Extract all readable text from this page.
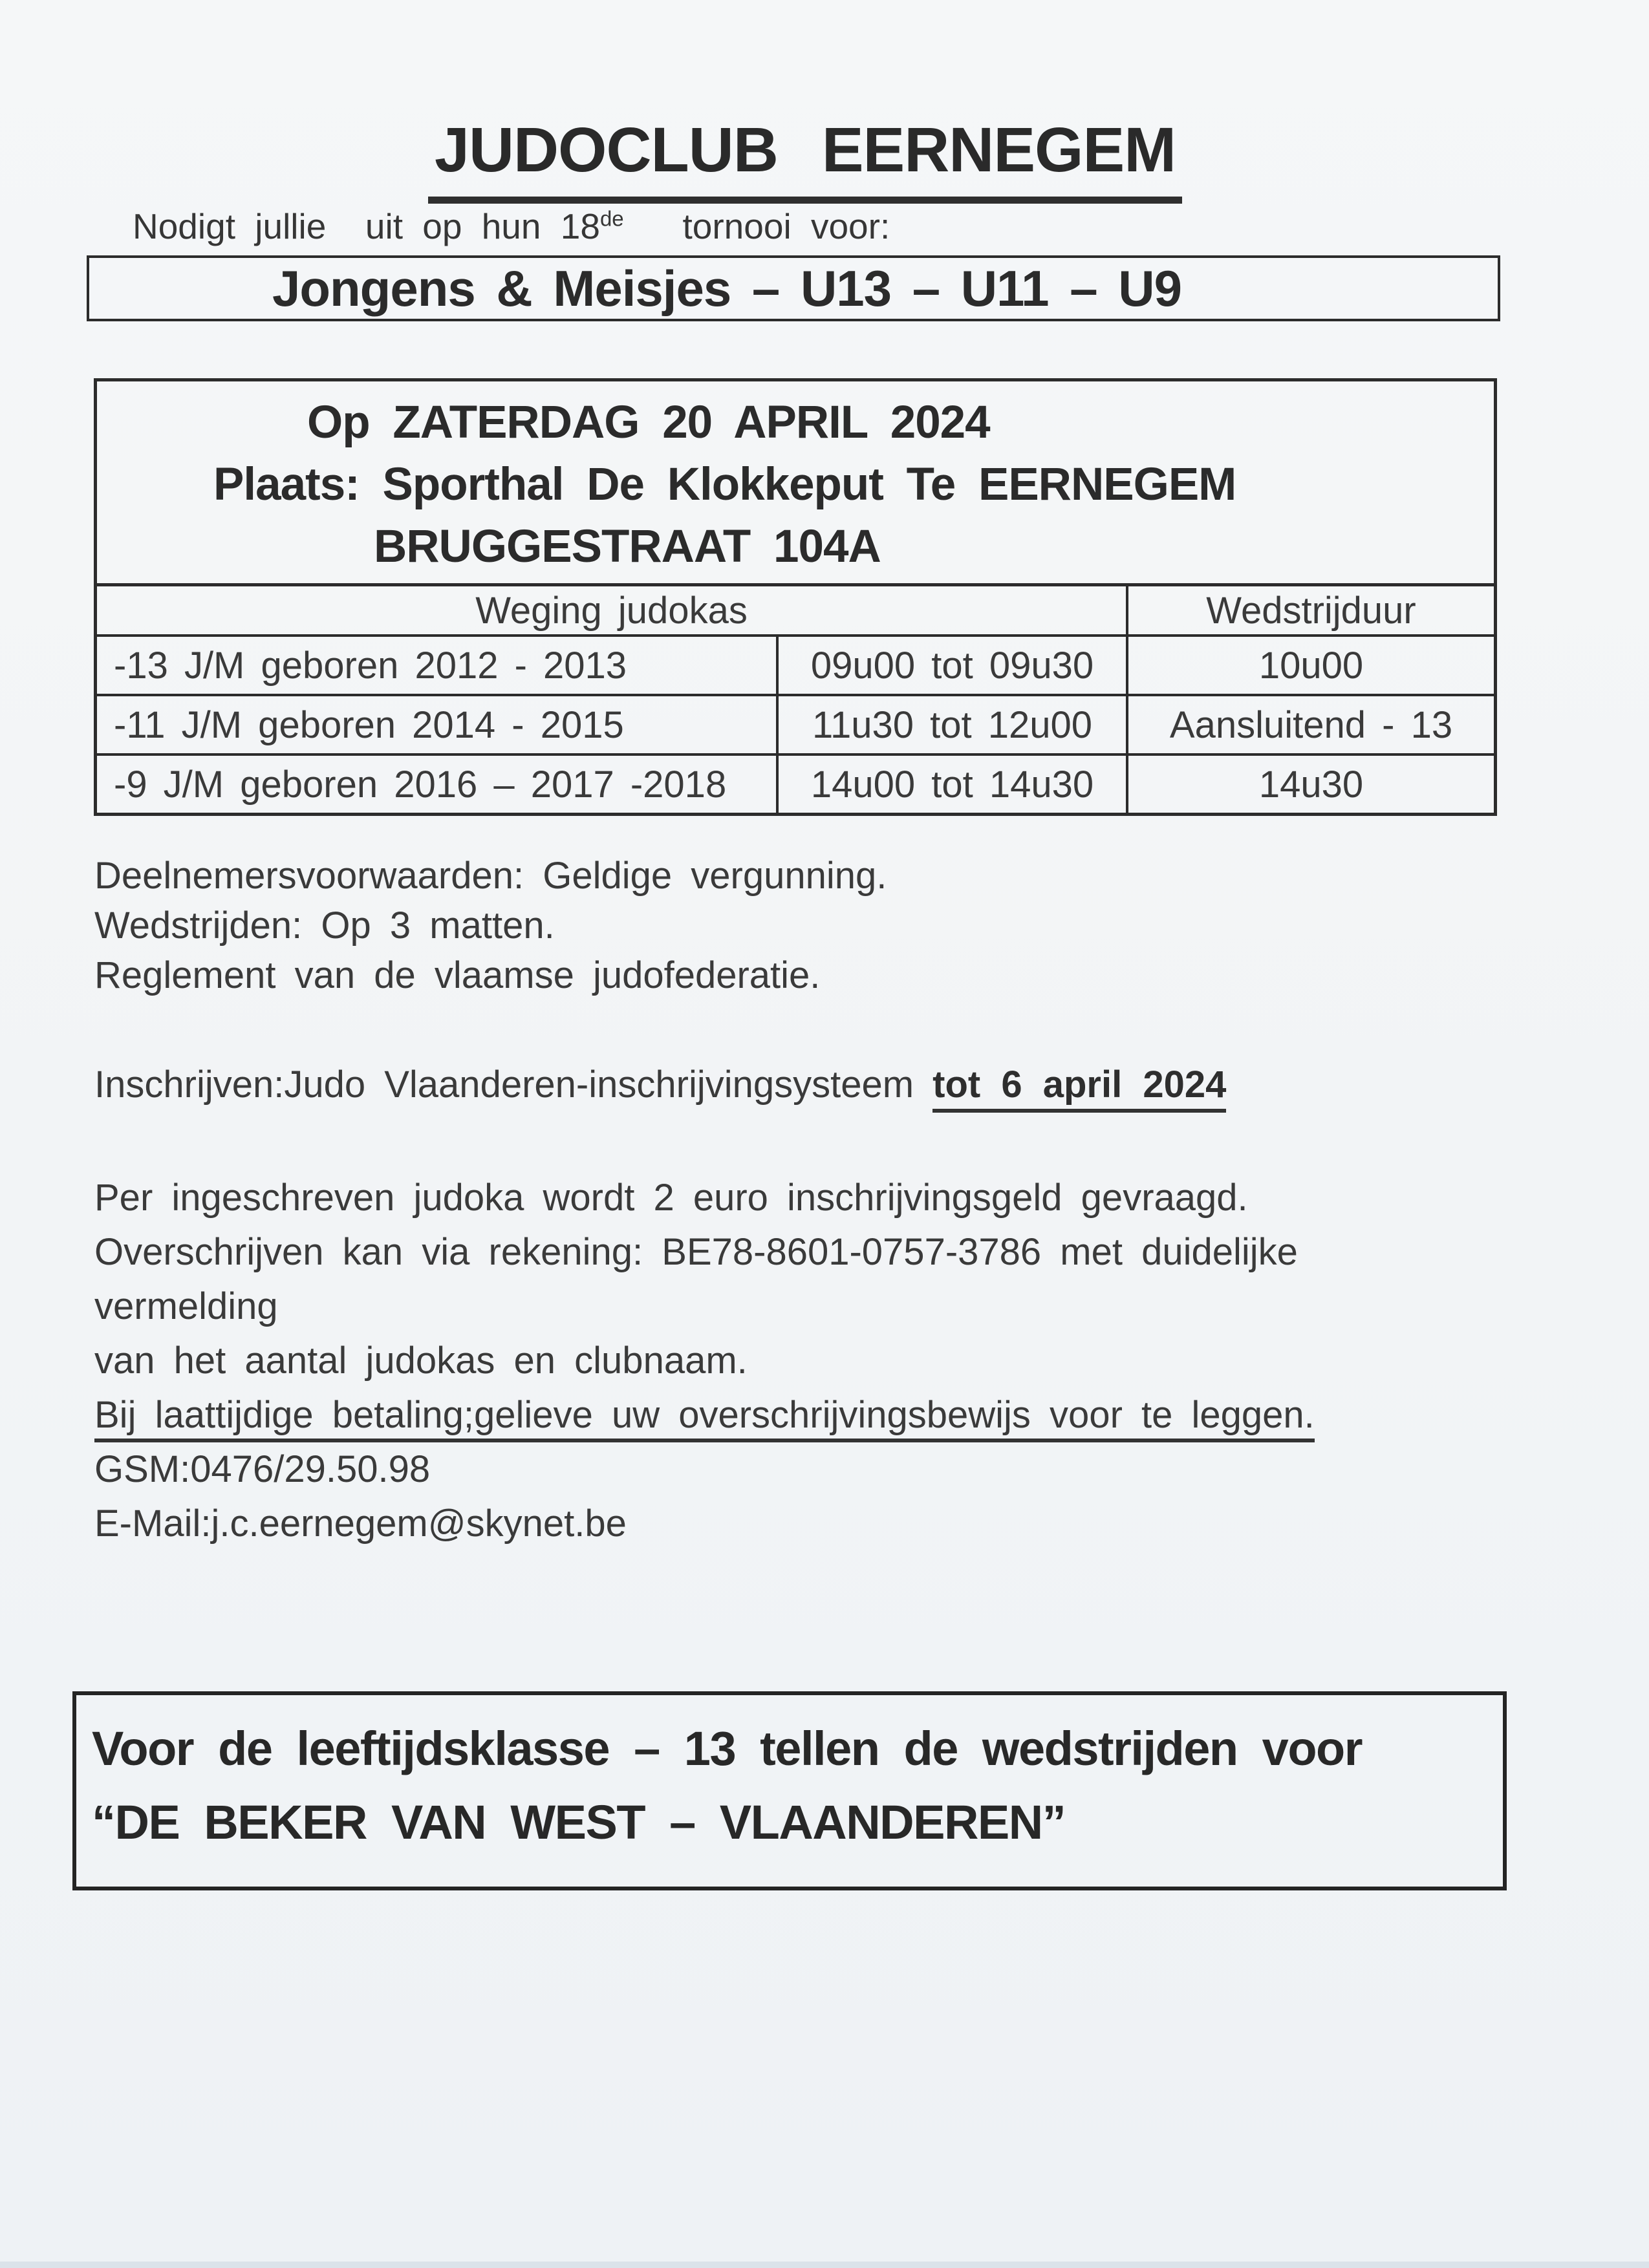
JUDOCLUB EERNEGEM
Nodigt jullie  uit op hun 18de   tornooi voor:
Jongens & Meisjes – U13 – U11 – U9
Op ZATERDAG 20 APRIL 2024
Plaats: Sporthal De Klokkeput Te EERNEGEM
BRUGGESTRAAT 104A
Weging judokas		Wedstrijduur
-13 J/M geboren 2012 - 2013	09u00 tot 09u30	10u00
-11 J/M geboren 2014 - 2015	11u30 tot 12u00	Aansluitend - 13
-9 J/M geboren 2016 – 2017 -2018	14u00 tot 14u30	14u30
Deelnemersvoorwaarden: Geldige vergunning.
Wedstrijden: Op 3 matten.
Reglement van de vlaamse judofederatie.
Inschrijven:Judo Vlaanderen-inschrijvingsysteem tot 6 april 2024
Per ingeschreven judoka wordt 2 euro inschrijvingsgeld gevraagd.
Overschrijven kan via rekening: BE78-8601-0757-3786 met duidelijke
vermelding
van het aantal judokas en clubnaam.
Bij laattijdige betaling;gelieve uw overschrijvingsbewijs voor te leggen.
GSM:0476/29.50.98
E-Mail:j.c.eernegem@skynet.be
Voor de leeftijdsklasse – 13 tellen de wedstrijden voor
“DE BEKER VAN WEST – VLAANDEREN”
